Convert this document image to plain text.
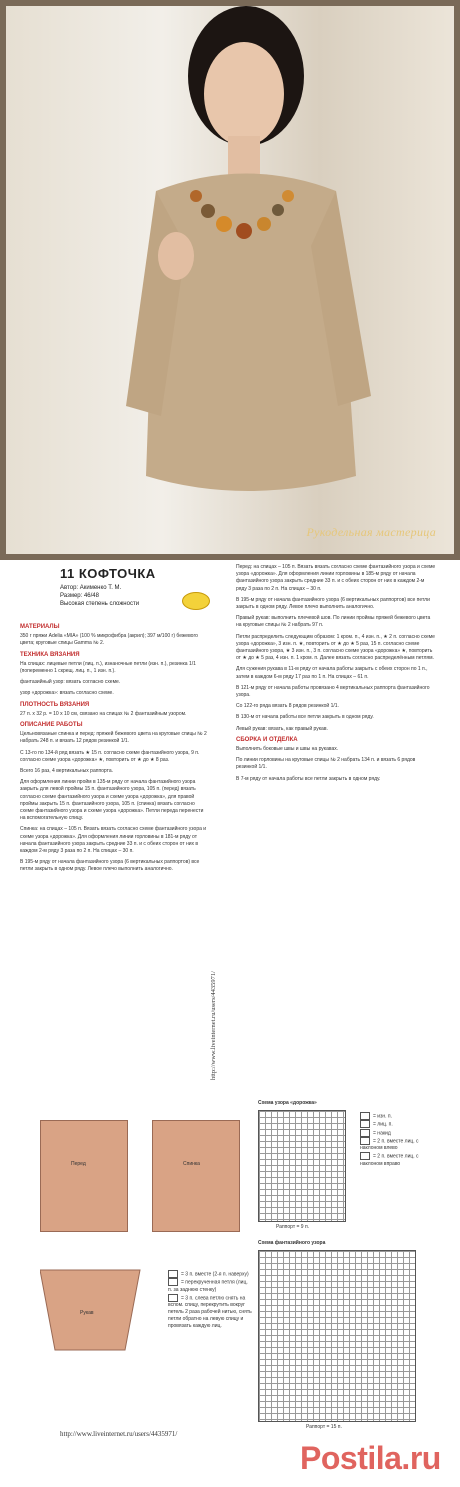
Рукодельная мастерица
11 КОФТОЧКА
Автор: Акименко Т. М.
Размер: 46/48
Высокая степень сложности
МАТЕРИАЛЫ

350 г пряжи Adelia «MIA» (100 % микрофибра (акрил); 397 м/100 г) бежевого цвета; круговые спицы Gamma № 2.

ТЕХНИКА ВЯЗАНИЯ

На спицах: лицевые петли (лиц. п.), изнаночные петли (изн. п.), резинка 1/1 (попеременно 1 скрещ. лиц. п., 1 изн. п.).

фантазийный узор: вязать согласно схеме.

узор «дорожка»: вязать согласно схеме.

ПЛОТНОСТЬ ВЯЗАНИЯ

27 п. x 32 р. = 10 x 10 см, связано на спицах № 2 фантазийным узором.

ОПИСАНИЕ РАБОТЫ

Цельновязаные спинка и перед: пряжей бежевого цвета на круговые спицы № 2 набрать 248 п. и вязать 12 рядов резинкой 1/1.

С 13-го по 134-й ряд вязать ★ 15 п. согласно схеме фантазийного узора, 9 п. согласно схеме узора «дорожка» ★, повторить от ★ до ★ 8 раз.

Всего 16 раз, 4 вертикальных раппорта.

Для оформления линии пройм в 135-м ряду от начала фантазийного узора закрыть для левой проймы 15 п. фантазийного узора, 105 п. (перед) вязать согласно схеме фантазийного узора и схеме узора «дорожка», для правой проймы закрыть 15 п. фантазийного узора, 105 п. (спинка) вязать согласно схеме фантазийного узора и схеме узора «дорожка». Петли переда перенести на вспомогательную спицу.

Спинка: на спицах – 105 п. Вязать вязать согласно схеме фантазийного узора и схеме узора «дорожка». Для оформления линии горловины в 181-м ряду от начала фантазийного узора закрыть средние 33 п. и с обеих сторон от них в каждом 2-м ряду 3 раза по 2 п. На спицах – 30 п.

В 195-м ряду от начала фантазийного узора (6 вертикальных раппортов) все петли закрыть в одном ряду. Левое плечо выполнить аналогично.

http://www.liveinternet.ru/users/4435971/

Перед: на спицах – 105 п. Вязать вязать согласно схеме фантазийного узора и схеме узора «дорожка». Для оформления линии горловины в 185-м ряду от начала фантазийного узора закрыть средние 33 п. и с обеих сторон от них в каждом 2-м ряду 3 раза по 2 п. На спицах – 30 п.

В 195-м ряду от начала фантазийного узора (6 вертикальных раппортов) все петли закрыть в одном ряду. Левое плечо выполнить аналогично.

Правый рукав: выполнить плечевой шов. По линии проймы пряжей бежевого цвета на круговые спицы № 2 набрать 97 п.

Петли распределить следующим образом: 1 кром. п., 4 изн. п., ★ 2 п. согласно схеме узора «дорожка», 3 изн. п. ★, повторить от ★ до ★ 5 раз, 15 п. согласно схеме фантазийного узора, ★ 3 изн. п., 3 п. согласно схеме узора «дорожка» ★, повторить от ★ до ★ 5 раз, 4 изн. п. 1 кром. п. Далее вязать согласно распределённым петлям.

Для сужения рукава в 11-м ряду от начала работы закрыть с обеих сторон по 1 п., затем в каждом 6-м ряду 17 раз по 1 п. На спицах – 61 п.

В 121-м ряду от начала работы провязано 4 вертикальных раппорта фантазийного узора.

Со 122-го ряда вязать 8 рядов резинкой 1/1.

В 130-м от начала работы все петли закрыть в одном ряду.

Левый рукав: вязать, как правый рукав.

СБОРКА И ОТДЕЛКА

Выполнить боковые швы и швы на рукавах.

По линии горловины на круговые спицы № 2 набрать 134 п. и вязать 6 рядов резинкой 1/1.

В 7-м ряду от начала работы все петли закрыть в одном ряду.

Перед	Спинка
Рукав
Схема узора «дорожка»
Раппорт = 9 п.
= изн. п.
= лиц. п.
= накид
= 2 п. вместе лиц. с наклоном влево
= 2 п. вместе лиц. с наклоном вправо
= 3 п. вместе (2-я п. наверху)
= перекрученная петля (лиц. п. за заднюю стенку)
= 3 п. слева петлю снять на вспом. спицу, перекрутить вокруг петель 2 раза рабочей нитью, снять петли обратно на левую спицу и провязать каждую лиц.
Схема фантазийного узора
Раппорт = 15 п.
http://www.liveinternet.ru/users/4435971/
Postila.ru
